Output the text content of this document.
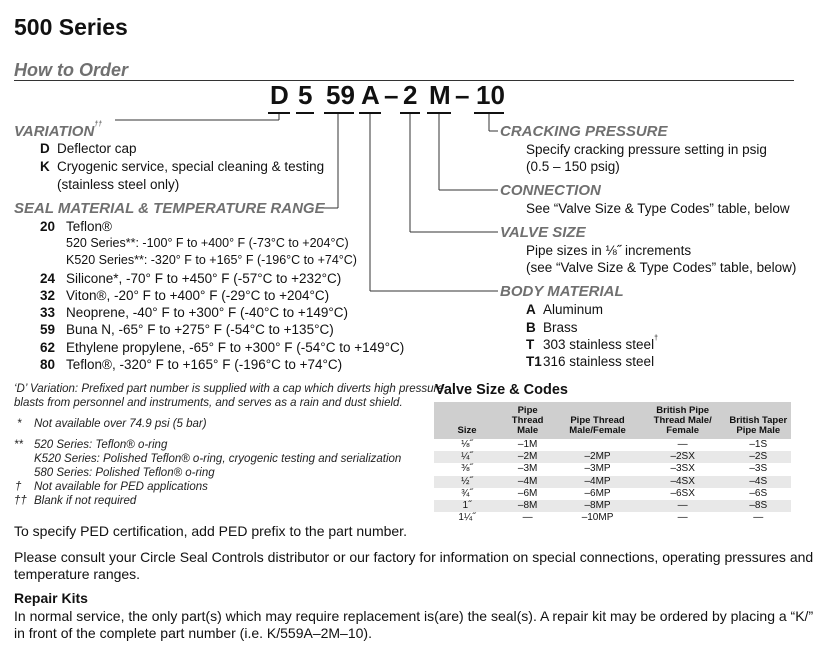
500 Series
How to Order
D 5 59 A – 2 M – 10
VARIATION††
D Deflector cap
K Cryogenic service, special cleaning & testing
(stainless steel only)
SEAL MATERIAL & TEMPERATURE RANGE
20 Teflon®
520 Series**: -100° F to +400° F (-73°C to +204°C)
K520 Series**: -320° F to +165° F (-196°C to +74°C)
24 Silicone*, -70° F to +450° F (-57°C to +232°C)
32 Viton®, -20° F to +400° F (-29°C to +204°C)
33 Neoprene, -40° F to +300° F (-40°C to +149°C)
59 Buna N, -65° F to +275° F (-54°C to +135°C)
62 Ethylene propylene, -65° F to +300° F (-54°C to +149°C)
80 Teflon®, -320° F to +165° F (-196°C to +74°C)
CRACKING PRESSURE
Specify cracking pressure setting in psig
(0.5 – 150 psig)
CONNECTION
See “Valve Size & Type Codes” table, below
VALVE SIZE
Pipe sizes in ⅛˝ increments
(see “Valve Size & Type Codes” table, below)
BODY MATERIAL
A Aluminum
B Brass
T 303 stainless steel†
T1316 stainless steel
‘D’ Variation: Prefixed part number is supplied with a cap which diverts high pressure
blasts from personnel and instruments, and serves as a rain and dust shield.
* Not available over 74.9 psi (5 bar)
** 520 Series: Teflon® o-ring
K520 Series: Polished Teflon® o-ring, cryogenic testing and serialization
580 Series: Polished Teflon® o-ring
† Not available for PED applications
†† Blank if not required
To specify PED certification, add PED prefix to the part number.
Valve Size & Codes
Size	Pipe Thread Male	Pipe Thread Male/Female	British Pipe Thread Male/ Female	British Taper Pipe Male
⅛˝	–1M		—	–1S
¼˝	–2M	–2MP	–2SX	–2S
⅜˝	–3M	–3MP	–3SX	–3S
½˝	–4M	–4MP	–4SX	–4S
¾˝	–6M	–6MP	–6SX	–6S
1˝	–8M	–8MP	—	–8S
1¼˝	—	–10MP	—	—
Please consult your Circle Seal Controls distributor or our factory for information on special connections, operating pressures and
temperature ranges.
Repair Kits
In normal service, the only part(s) which may require replacement is(are) the seal(s). A repair kit may be ordered by placing a “K/”
in front of the complete part number (i.e. K/559A–2M–10).
